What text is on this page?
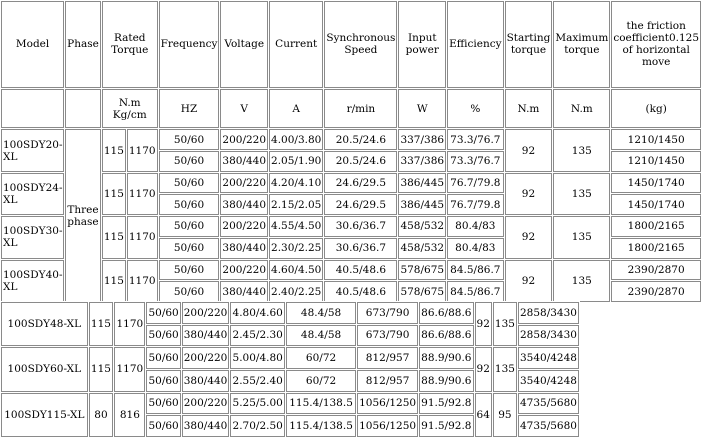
Model	Phase	Rated Torque		Frequency	Voltage	Current	Synchronous Speed	Input power	Efficiency	Starting torque	Maximum torque	the friction coefficient0.125 of horizontal move
		N.m Kg/cm		HZ	V	A	r/min	W	%	N.m	N.m	(kg)
100SDY20-XL	Three phase	115	1170	50/60	200/220	4.00/3.80	20.5/24.6	337/386	73.3/76.7	92	135	1210/1450
				50/60	380/440	2.05/1.90	20.5/24.6	337/386	73.3/76.7			1210/1450
100SDY24-XL		115	1170	50/60	200/220	4.20/4.10	24.6/29.5	386/445	76.7/79.8	92	135	1450/1740
				50/60	380/440	2.15/2.05	24.6/29.5	386/445	76.7/79.8			1450/1740
100SDY30-XL		115	1170	50/60	200/220	4.55/4.50	30.6/36.7	458/532	80.4/83	92	135	1800/2165
				50/60	380/440	2.30/2.25	30.6/36.7	458/532	80.4/83			1800/2165
100SDY40-XL		115	1170	50/60	200/220	4.60/4.50	40.5/48.6	578/675	84.5/86.7	92	135	2390/2870
				50/60	380/440	2.40/2.25	40.5/48.6	578/675	84.5/86.7			2390/2870
100SDY48-XL	115	1170	50/60	200/220	4.80/4.60	48.4/58	673/790	86.6/88.6	92	135	2858/3430
			50/60	380/440	2.45/2.30	48.4/58	673/790	86.6/88.6			2858/3430
100SDY60-XL	115	1170	50/60	200/220	5.00/4.80	60/72	812/957	88.9/90.6	92	135	3540/4248
			50/60	380/440	2.55/2.40	60/72	812/957	88.9/90.6			3540/4248
100SDY115-XL	80	816	50/60	200/220	5.25/5.00	115.4/138.5	1056/1250	91.5/92.8	64	95	4735/5680
			50/60	380/440	2.70/2.50	115.4/138.5	1056/1250	91.5/92.8			4735/5680
